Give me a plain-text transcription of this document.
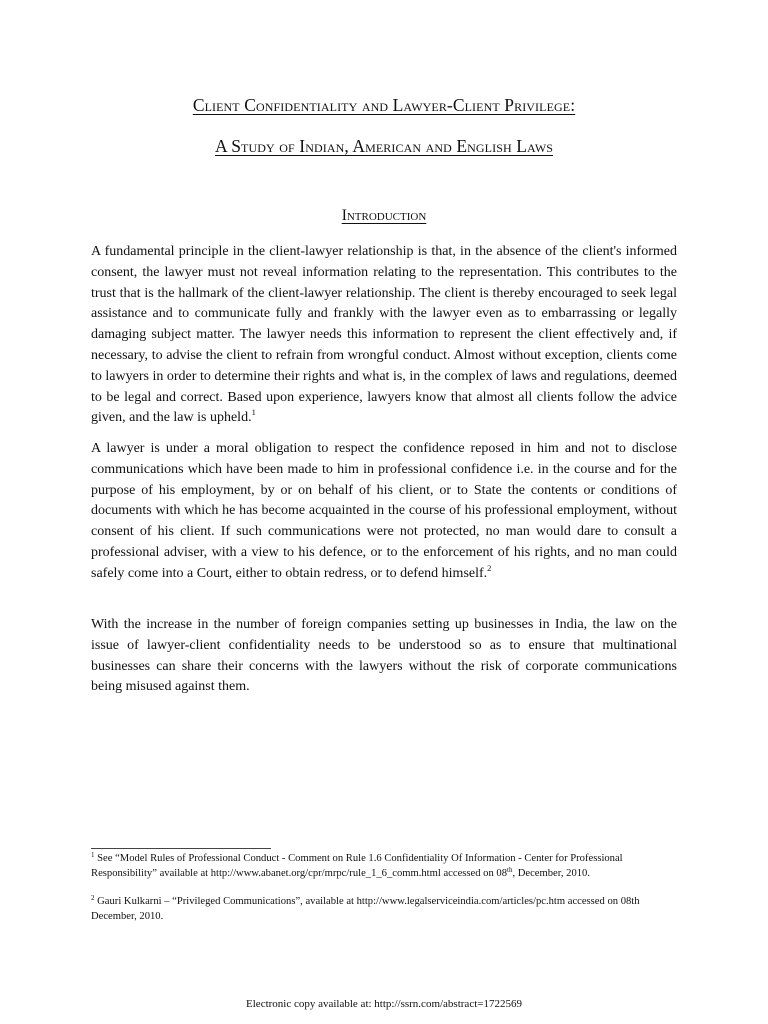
Client Confidentiality and Lawyer-Client Privilege:
A Study of Indian, American and English Laws
Introduction

A fundamental principle in the client-lawyer relationship is that, in the absence of the client's informed consent, the lawyer must not reveal information relating to the representation. This contributes to the trust that is the hallmark of the client-lawyer relationship. The client is thereby encouraged to seek legal assistance and to communicate fully and frankly with the lawyer even as to embarrassing or legally damaging subject matter. The lawyer needs this information to represent the client effectively and, if necessary, to advise the client to refrain from wrongful conduct. Almost without exception, clients come to lawyers in order to determine their rights and what is, in the complex of laws and regulations, deemed to be legal and correct. Based upon experience, lawyers know that almost all clients follow the advice given, and the law is upheld.$^1$

A lawyer is under a moral obligation to respect the confidence reposed in him and not to disclose communications which have been made to him in professional confidence i.e. in the course and for the purpose of his employment, by or on behalf of his client, or to State the contents or conditions of documents with which he has become acquainted in the course of his professional employment, without consent of his client. If such communications were not protected, no man would dare to consult a professional adviser, with a view to his defence, or to the enforcement of his rights, and no man could safely come into a Court, either to obtain redress, or to defend himself.$^2$

With the increase in the number of foreign companies setting up businesses in India, the law on the issue of lawyer-client confidentiality needs to be understood so as to ensure that multinational businesses can share their concerns with the lawyers without the risk of corporate communications being misused against them.

$^1$ See “Model Rules of Professional Conduct - Comment on Rule 1.6 Confidentiality Of Information - Center for Professional Responsibility” available at http://www.abanet.org/cpr/mrpc/rule_1_6_comm.html accessed on 08th, December, 2010.

$^2$ Gauri Kulkarni – “Privileged Communications”, available at http://www.legalserviceindia.com/articles/pc.htm accessed on 08th December, 2010.

Electronic copy available at: http://ssrn.com/abstract=1722569
